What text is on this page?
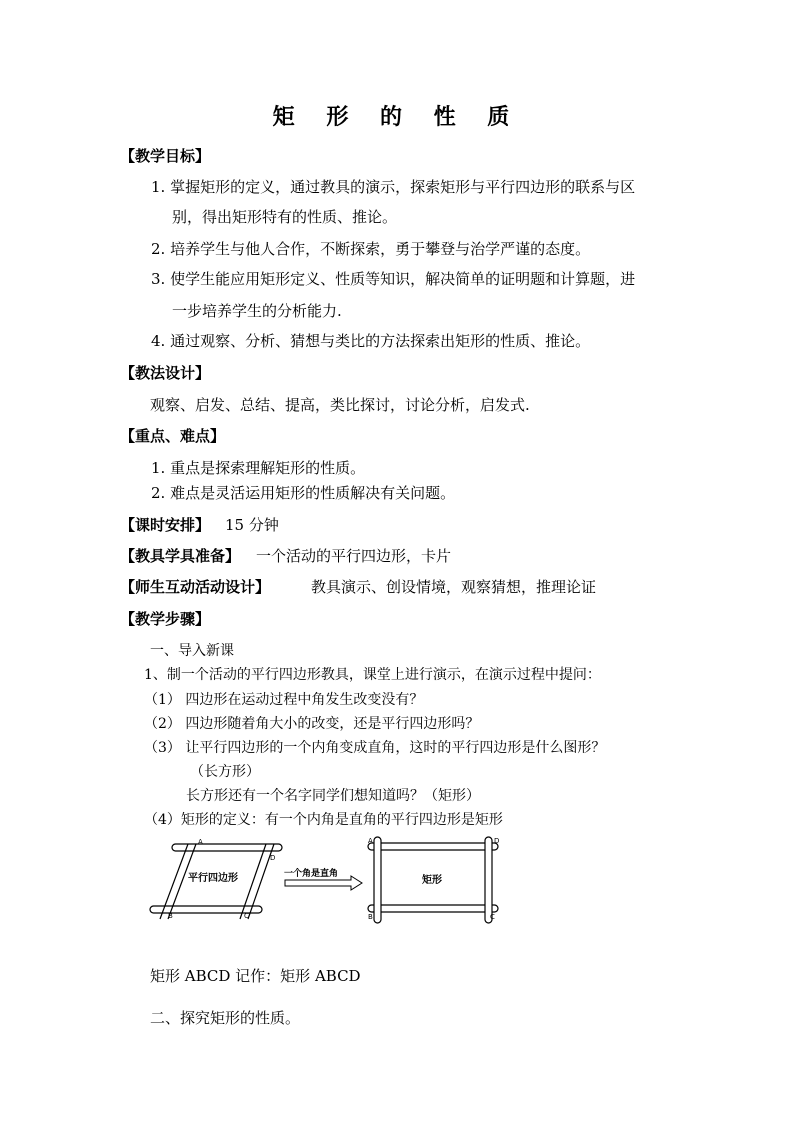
矩 形 的 性 质
【教学目标】
1. 掌握矩形的定义，通过教具的演示，探索矩形与平行四边形的联系与区
别，得出矩形特有的性质、推论。
2. 培养学生与他人合作，不断探索，勇于攀登与治学严谨的态度。
3. 使学生能应用矩形定义、性质等知识，解决简单的证明题和计算题，进
一步培养学生的分析能力.
4. 通过观察、分析、猜想与类比的方法探索出矩形的性质、推论。
【教法设计】
观察、启发、总结、提高，类比探讨，讨论分析，启发式.
【重点、难点】
1. 重点是探索理解矩形的性质。
2. 难点是灵活运用矩形的性质解决有关问题。
【课时安排】 15 分钟
【教具学具准备】 一个活动的平行四边形，卡片
【师生互动活动设计】	教具演示、创设情境，观察猜想，推理论证
【教学步骤】
一、导入新课
1、制一个活动的平行四边形教具，课堂上进行演示，在演示过程中提问：
（1） 四边形在运动过程中角发生改变没有？
（2） 四边形随着角大小的改变，还是平行四边形吗？
（3） 让平行四边形的一个内角变成直角，这时的平行四边形是什么图形？
（长方形）
长方形还有一个名字同学们想知道吗？（矩形）
（4）矩形的定义：有一个内角是直角的平行四边形是矩形
A
D
B	C
平行四边形	一个角是直角
A	D
B	C
矩形
矩形 ABCD 记作：矩形 ABCD
二、探究矩形的性质。
